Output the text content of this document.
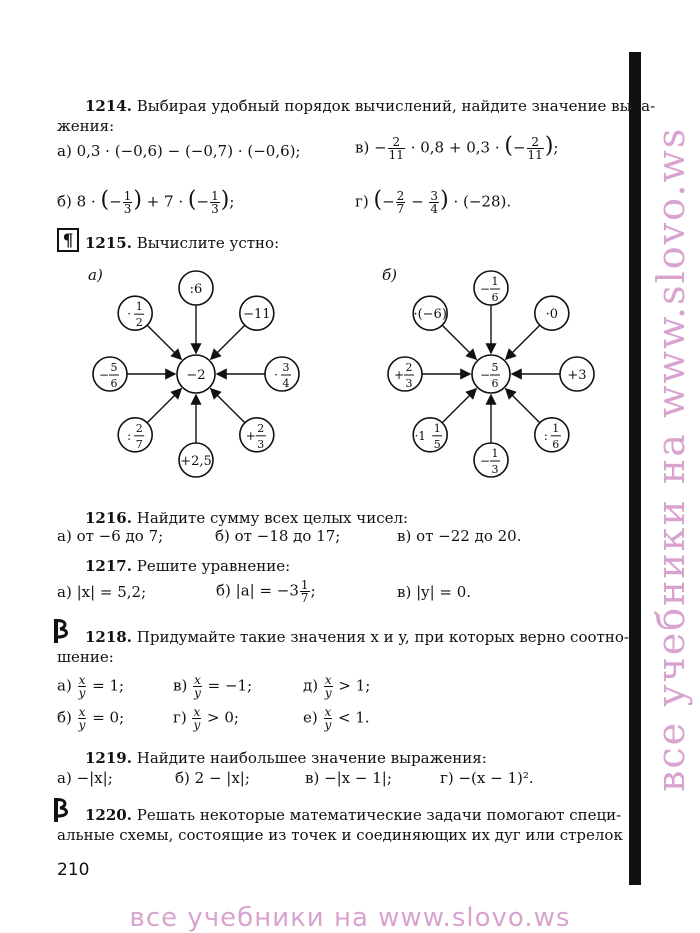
все учебники на www.slovo.ws
1214. Выбирая удобный порядок вычислений, найдите значение выра-
жения:
а) 0,3 · (−0,6) − (−0,7) · (−0,6);	$в) - \frac{2}{11} \cdot 0,8 + 0,3$ · (− $\frac{2}{11}$ );
б) 8 · (− $\frac{1}{3}$ ) + 7 · (− $\frac{1}{3}$ );	г) (− $\frac{2}{7} - \frac{3}{4}$ ) · (−28).
¶ 1215. Вычислите устно:
а)	б)
:6
−11
·
3
4
+
2
3
+2,5
:
2
7
−
5
6
·
1
2
−2
−
1
6
·0
+3
:
1
6
−
1
3
·1
1
5
+
2
3
·(−6)
−
5
6
1216. Найдите сумму всех целых чисел:
а) от −6 до 7;	б) от −18 до 17;	в) от −22 до 20.
1217. Решите уравнение:
а) |x| = 5,2;	б) $|a| = -3 \frac{1}{7}$ ;	в) |y| = 0.
1218. Придумайте такие значения x и y, при которых верно соотно-
шение:
$а) \frac{x}{y} = 1$;	$в) \frac{x}{y} = -1$;	$д) \frac{x}{y} > 1$;
$б) \frac{x}{y} = 0$;	$г) \frac{x}{y} > 0$;	$е) \frac{x}{y} < 1$.
1219. Найдите наибольшее значение выражения:
а) −|x|;	б) 2 − |x|;	в) −|x − 1|;	г) −(x − 1)².
1220. Решать некоторые математические задачи помогают специ-
альные схемы, состоящие из точек и соединяющих их дуг или стрелок
210
все учебники на www.slovo.ws
